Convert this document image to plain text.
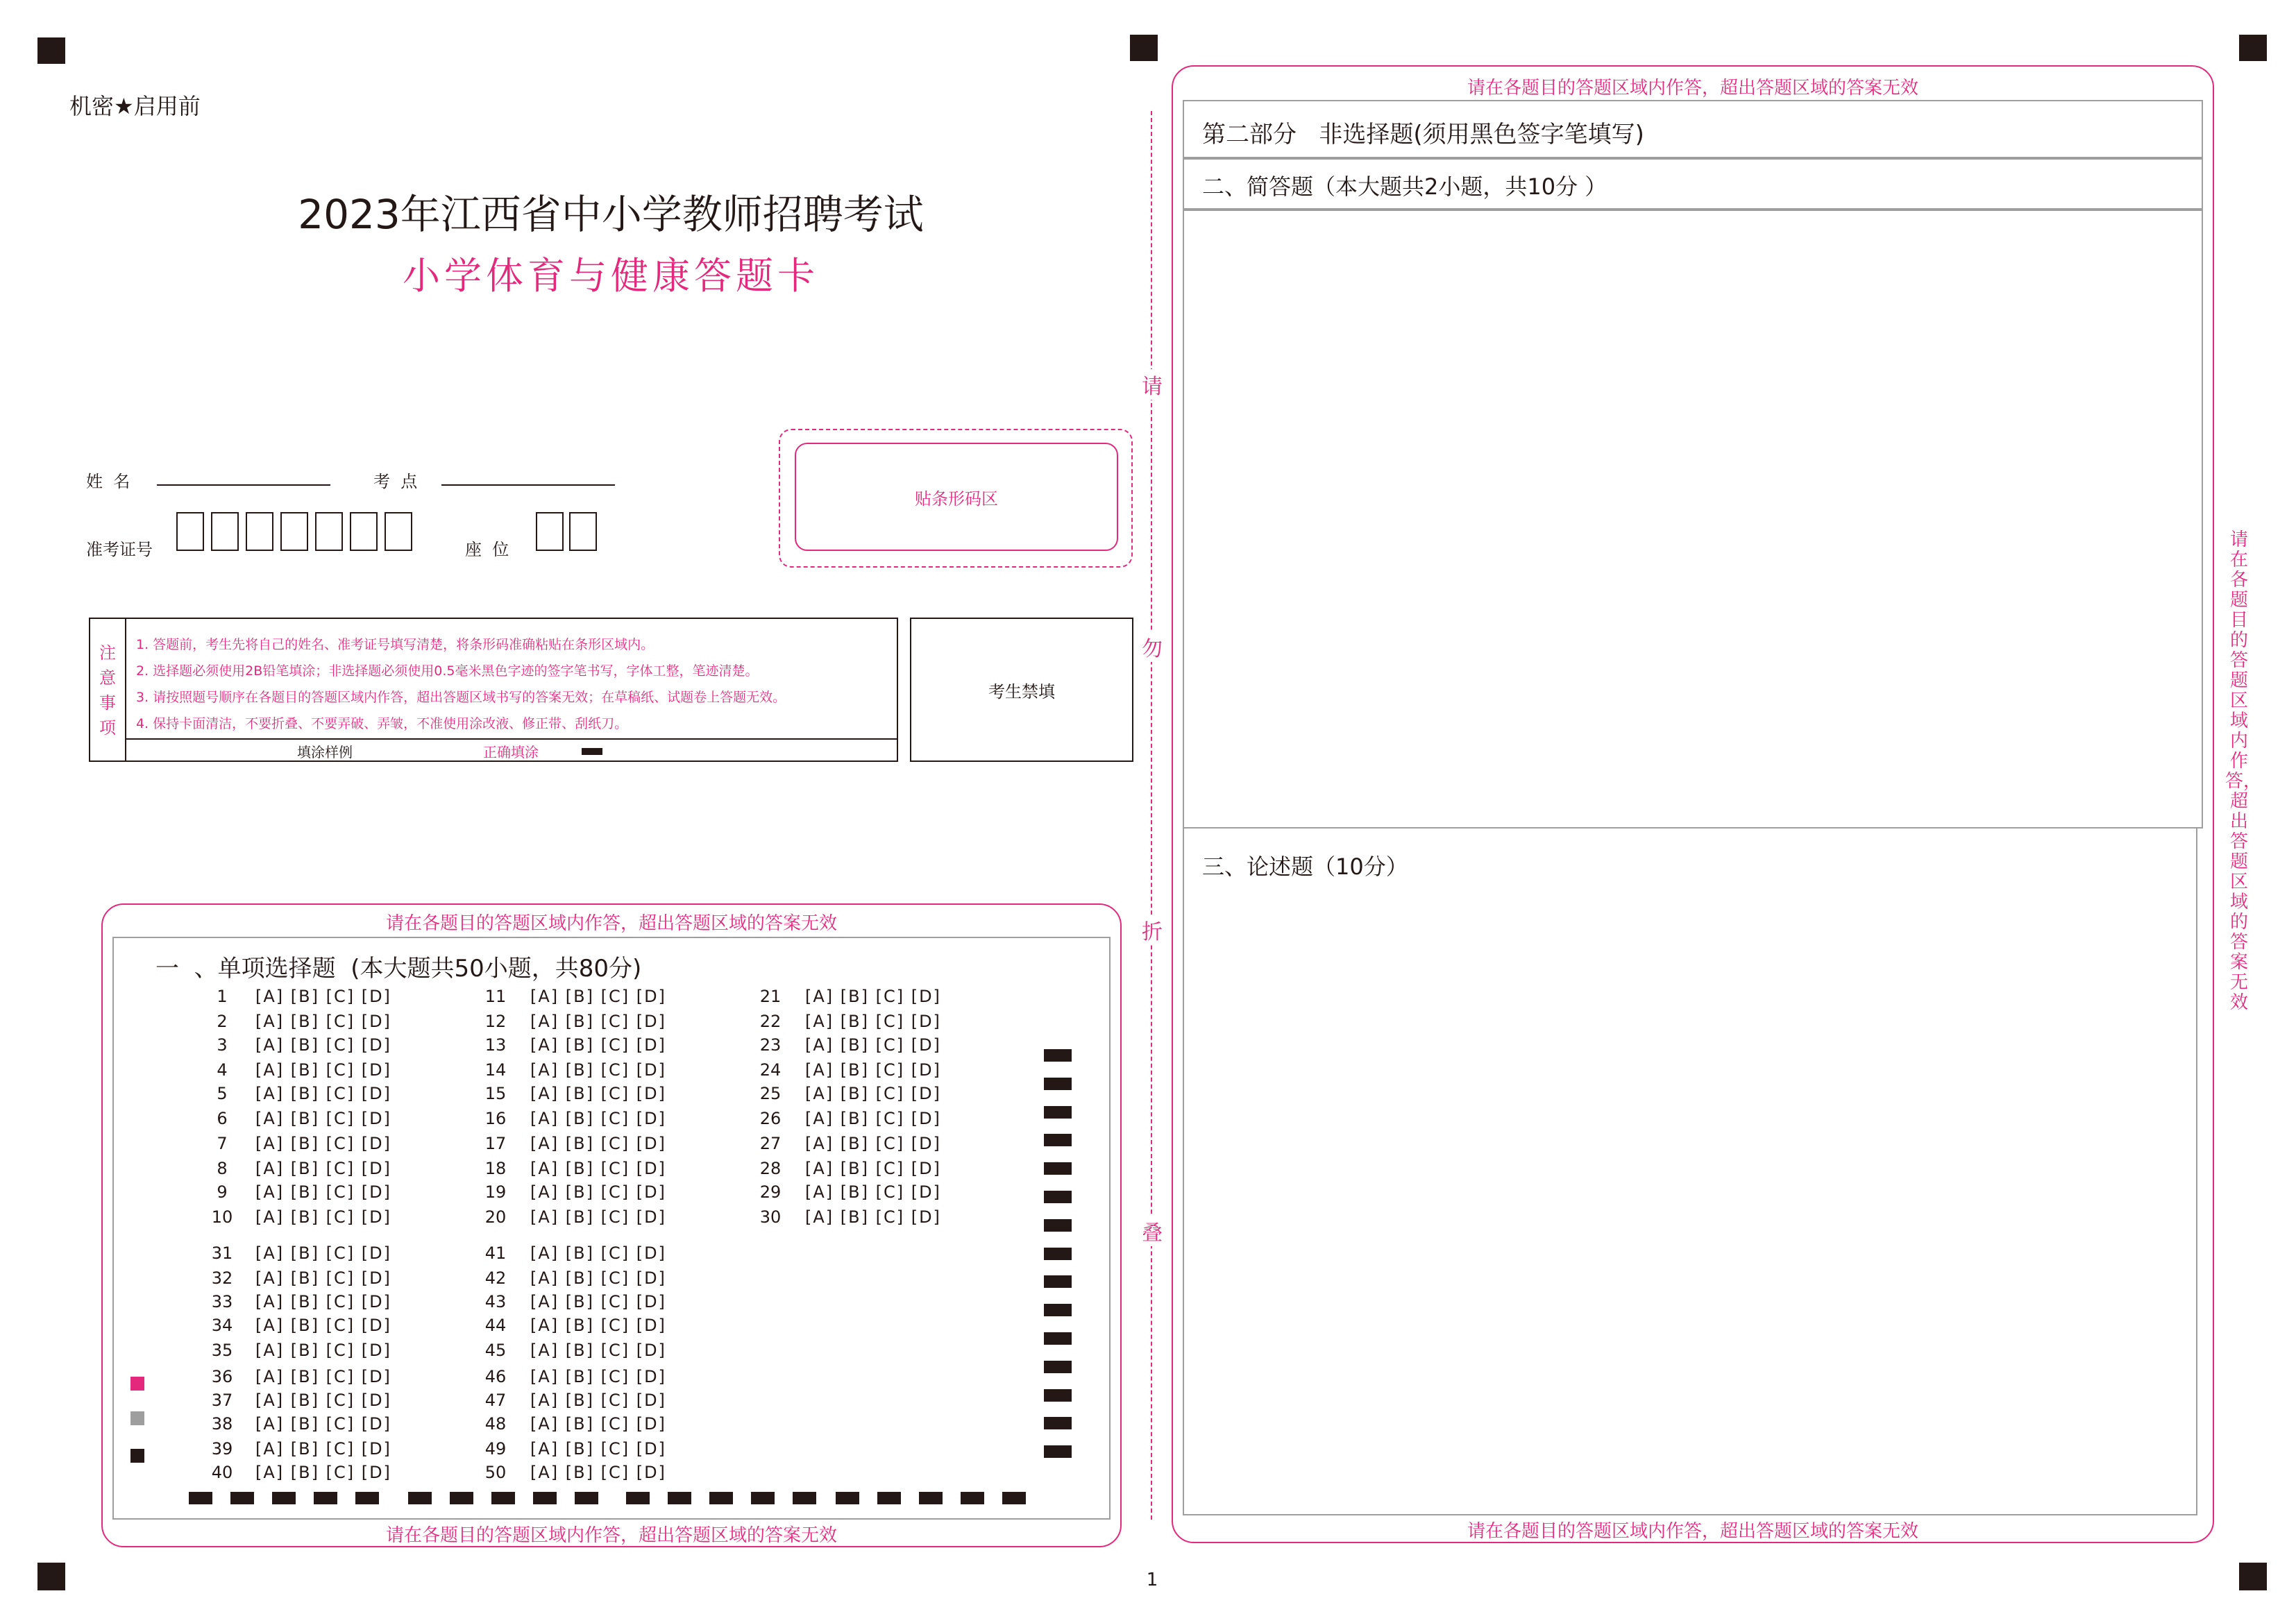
机密★启用前
2023年江西省中小学教师招聘考试
小学体育与健康答题卡
姓  名	考  点
准考证号	座  位
贴条形码区
注
意
事
项
1. 答题前，考生先将自己的姓名、准考证号填写清楚，将条形码准确粘贴在条形区域内。
2. 选择题必须使用2B铅笔填涂；非选择题必须使用0.5毫米黑色字迹的签字笔书写，字体工整，笔迹清楚。
3. 请按照题号顺序在各题目的答题区域内作答，超出答题区域书写的答案无效；在草稿纸、试题卷上答题无效。
4. 保持卡面清洁，不要折叠、不要弄破、弄皱，不准使用涂改液、修正带、刮纸刀。
填涂样例	正确填涂
考生禁填
请
勿
折
叠
请在各题目的答题区域内作答，超出答题区域的答案无效
请在各题目的答题区域内作答，超出答题区域的答案无效
一  、单项选择题  (本大题共50小题，共80分)
1	[A] [B] [C] [D]	11	[A] [B] [C] [D]	21	[A] [B] [C] [D]
2	[A] [B] [C] [D]	12	[A] [B] [C] [D]	22	[A] [B] [C] [D]
3	[A] [B] [C] [D]	13	[A] [B] [C] [D]	23	[A] [B] [C] [D]
4	[A] [B] [C] [D]	14	[A] [B] [C] [D]	24	[A] [B] [C] [D]
5	[A] [B] [C] [D]	15	[A] [B] [C] [D]	25	[A] [B] [C] [D]
6	[A] [B] [C] [D]	16	[A] [B] [C] [D]	26	[A] [B] [C] [D]
7	[A] [B] [C] [D]	17	[A] [B] [C] [D]	27	[A] [B] [C] [D]
8	[A] [B] [C] [D]	18	[A] [B] [C] [D]	28	[A] [B] [C] [D]
9	[A] [B] [C] [D]	19	[A] [B] [C] [D]	29	[A] [B] [C] [D]
10	[A] [B] [C] [D]	20	[A] [B] [C] [D]	30	[A] [B] [C] [D]
31	[A] [B] [C] [D]	41	[A] [B] [C] [D]
32	[A] [B] [C] [D]	42	[A] [B] [C] [D]
33	[A] [B] [C] [D]	43	[A] [B] [C] [D]
34	[A] [B] [C] [D]	44	[A] [B] [C] [D]
35	[A] [B] [C] [D]	45	[A] [B] [C] [D]
36	[A] [B] [C] [D]	46	[A] [B] [C] [D]
37	[A] [B] [C] [D]	47	[A] [B] [C] [D]
38	[A] [B] [C] [D]	48	[A] [B] [C] [D]
39	[A] [B] [C] [D]	49	[A] [B] [C] [D]
40	[A] [B] [C] [D]	50	[A] [B] [C] [D]
请在各题目的答题区域内作答，超出答题区域的答案无效
请在各题目的答题区域内作答，超出答题区域的答案无效
第二部分   非选择题(须用黑色签字笔填写)
二、简答题（本大题共2小题，共10分 ）
三、论述题（10分）
请在各题目的答题区域内作答，超出答题区域的答案无效
1
